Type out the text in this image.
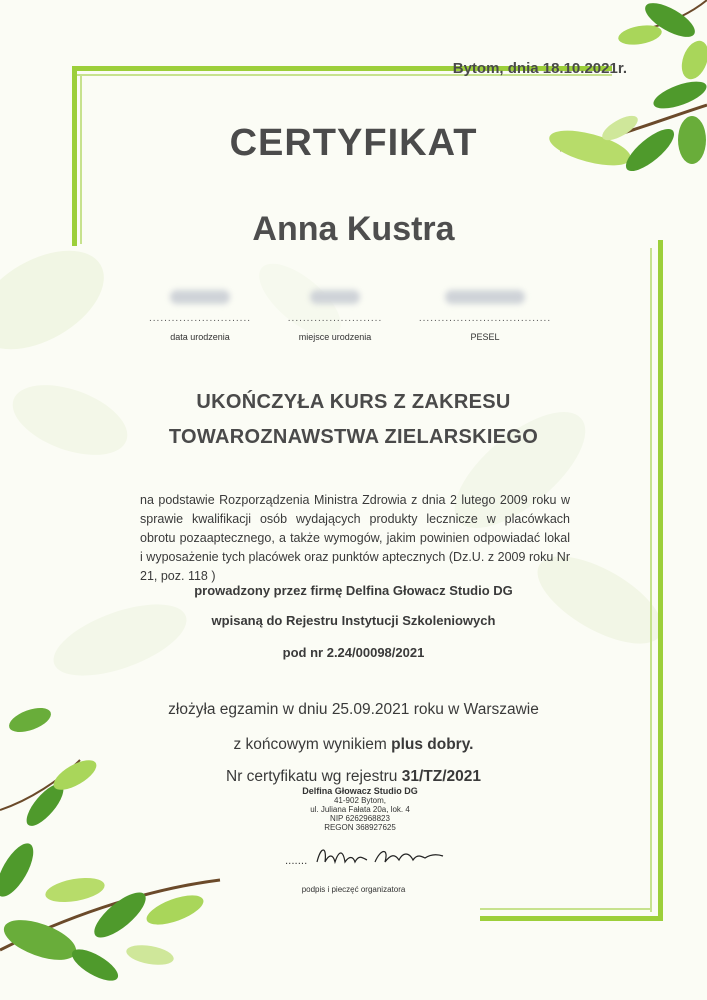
Bytom, dnia 18.10.2021r.
CERTYFIKAT
Anna Kustra
...........................
data urodzenia
.........................
miejsce urodzenia
...................................
PESEL
UKOŃCZYŁA KURS Z ZAKRESU
TOWAROZNAWSTWA ZIELARSKIEGO
na podstawie Rozporządzenia Ministra Zdrowia z dnia 2 lutego 2009 roku w sprawie kwalifikacji osób wydających produkty lecznicze w placówkach obrotu pozaaptecznego, a także wymogów, jakim powinien odpowiadać lokal i wyposażenie tych placówek oraz punktów aptecznych (Dz.U. z 2009 roku Nr 21, poz. 118 )
prowadzony przez firmę Delfina Głowacz Studio DG
wpisaną do Rejestru Instytucji Szkoleniowych
pod nr 2.24/00098/2021
złożyła egzamin w dniu 25.09.2021 roku w Warszawie
z końcowym wynikiem plus dobry.
Nr certyfikatu wg rejestru 31/TZ/2021
Delfina Głowacz Studio DG
41-902 Bytom,
ul. Juliana Fałata 20a, lok. 4
NIP 6262968823
REGON 368927625
.......
podpis i pieczęć organizatora
